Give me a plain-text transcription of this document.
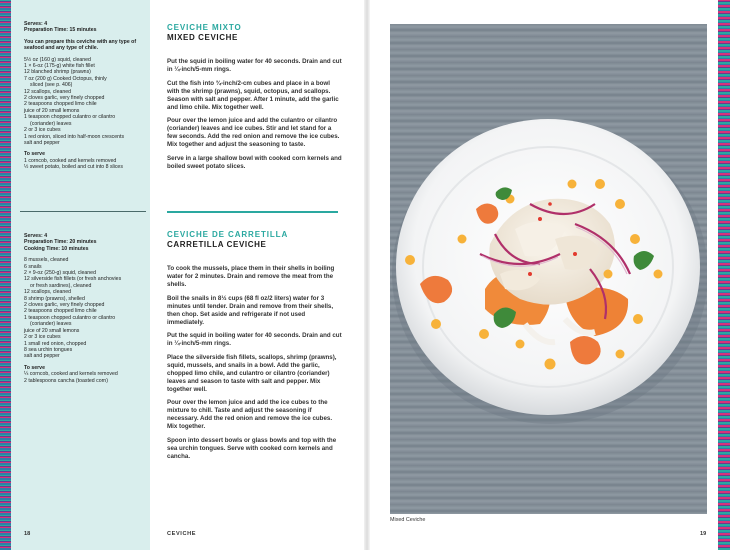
Serves: 4
Preparation Time: 15 minutes
You can prepare this ceviche with any type of seafood and any type of chile.
5½ oz (160 g) squid, cleaned
1 × 6-oz (175-g) white fish fillet
12 blanched shrimp (prawns)
7 oz (200 g) Cooked Octopus, thinly
sliced (see p. 406)
12 scallops, cleaned
2 cloves garlic, very finely chopped
2 teaspoons chopped limo chile
juice of 20 small lemons
1 teaspoon chopped culantro or cilantro
(coriander) leaves
2 or 3 ice cubes
1 red onion, sliced into half-moon crescents
salt and pepper
To serve
1 corncob, cooked and kernels removed
½ sweet potato, boiled and cut into 8 slices
Serves: 4
Preparation Time: 20 minutes
Cooking Time: 10 minutes
8 mussels, cleaned
6 snails
2 × 9-oz (250-g) squid, cleaned
12 silverside fish fillets (or fresh anchovies
or fresh sardines), cleaned
12 scallops, cleaned
8 shrimp (prawns), shelled
2 cloves garlic, very finely chopped
2 teaspoons chopped limo chile
1 teaspoon chopped culantro or cilantro
(coriander) leaves
juice of 20 small lemons
2 or 3 ice cubes
1 small red onion, chopped
8 sea urchin tongues
salt and pepper
To serve
¼ corncob, cooked and kernels removed
2 tablespoons cancha (toasted corn)
CEVICHE MIXTO
MIXED CEVICHE

Put the squid in boiling water for 40 seconds. Drain and cut in ¼-inch/5-mm rings.

Cut the fish into ¾-inch/2-cm cubes and place in a bowl with the shrimp (prawns), squid, octopus, and scallops. Season with salt and pepper. After 1 minute, add the garlic and limo chile. Mix together well.

Pour over the lemon juice and add the culantro or cilantro (coriander) leaves and ice cubes. Stir and let stand for a few seconds. Add the red onion and remove the ice cubes. Mix together and adjust the seasoning to taste.

Serve in a large shallow bowl with cooked corn kernels and boiled sweet potato slices.

CEVICHE DE CARRETILLA
CARRETILLA CEVICHE

To cook the mussels, place them in their shells in boiling water for 2 minutes. Drain and remove the meat from the shells.

Boil the snails in 8½ cups (68 fl oz/2 liters) water for 3 minutes until tender. Drain and remove from their shells, then chop. Set aside and refrigerate if not used immediately.

Put the squid in boiling water for 40 seconds. Drain and cut in ¼-inch/5-mm rings.

Place the silverside fish fillets, scallops, shrimp (prawns), squid, mussels, and snails in a bowl. Add the garlic, chopped limo chile, and culantro or cilantro (coriander) leaves and season to taste with salt and pepper. Mix together well.

Pour over the lemon juice and add the ice cubes to the mixture to chill. Taste and adjust the seasoning if necessary. Add the red onion and remove the ice cubes. Mix together.

Spoon into dessert bowls or glass bowls and top with the sea urchin tongues. Serve with cooked corn kernels and cancha.

18	CEVICHE	19
Mixed Ceviche
